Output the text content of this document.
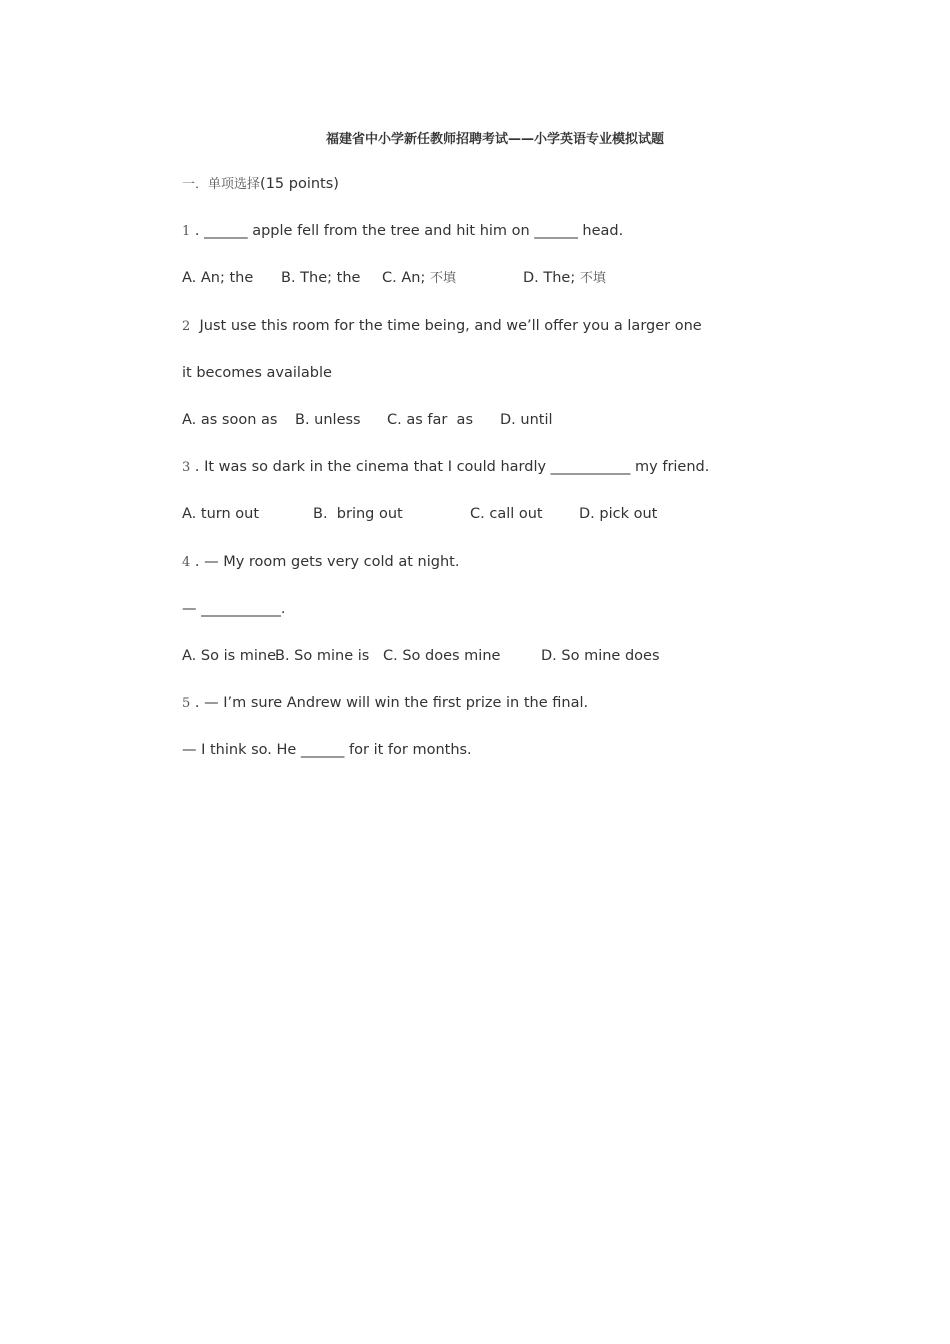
福建省中小学新任教师招聘考试——小学英语专业模拟试题
一．单项选择(15 points)
1 . ______ apple fell from the tree and hit him on ______ head.
A. An; the B. The; the C. An; 不填	D. The; 不填
2  Just use this room for the time being, and we’ll offer you a larger one
it becomes available
A. as soon as B. unless C. as far  as D. until
3 . It was so dark in the cinema that I could hardly ___________ my friend.
A. turn out	B.  bring out	C. call out	D. pick out
4 . — My room gets very cold at night.
— ___________.
A. So is mine
B. So mine is C. So does mine	D. So mine does
5 . — I’m sure Andrew will win the first prize in the final.
— I think so. He ______ for it for months.
